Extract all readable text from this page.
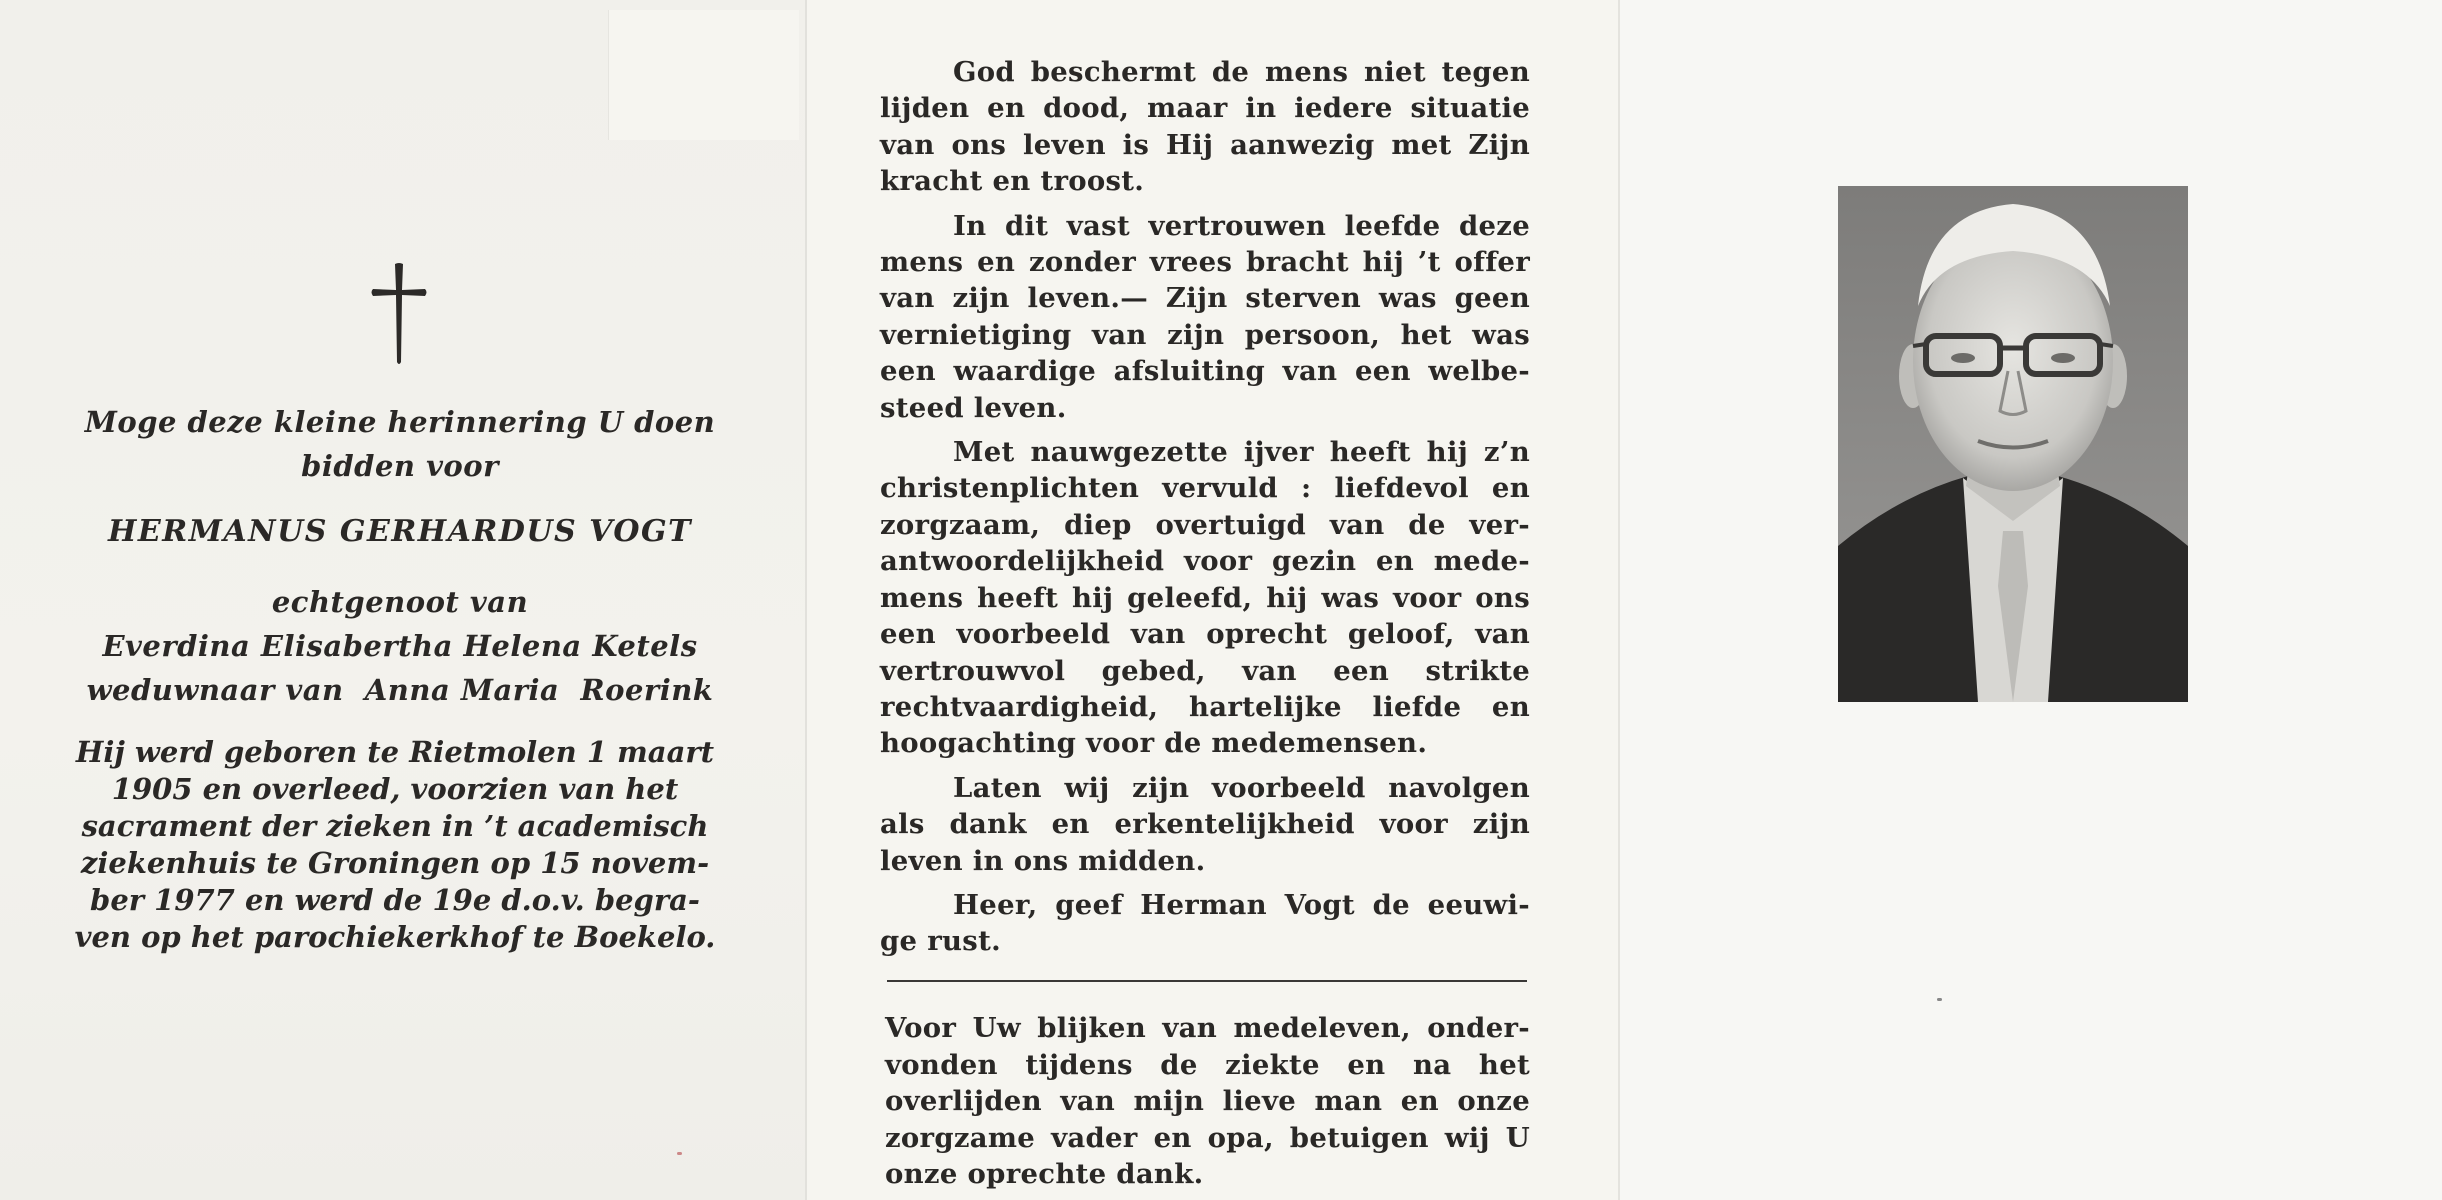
Moge deze kleine herinnering U doen
bidden voor
HERMANUS GERHARDUS VOGT
echtgenoot van
Everdina Elisabertha Helena Ketels
weduwnaar van  Anna Maria  Roerink
Hij werd geboren te Rietmolen 1 maart
1905 en overleed, voorzien van het
sacrament der zieken in ’t academisch
ziekenhuis te Groningen op 15 novem-
ber 1977 en werd de 19e d.o.v. begra-
ven op het parochiekerkhof te Boekelo.

God beschermt de mens niet tegen lijden en dood, maar in iedere situatie van ons leven is Hij aanwezig met Zijn kracht en troost.

In dit vast vertrouwen leefde deze mens en zonder vrees bracht hij ’t offer van zijn leven.— Zijn sterven was geen vernietiging van zijn persoon, het was een waardige afsluiting van een welbe- steed leven.

Met nauwgezette ijver heeft hij z’n christenplichten vervuld : liefdevol en zorgzaam, diep overtuigd van de ver- antwoordelijkheid voor gezin en mede- mens heeft hij geleefd, hij was voor ons een voorbeeld van oprecht geloof, van vertrouwvol gebed, van een strikte rechtvaardigheid, hartelijke liefde en hoogachting voor de medemensen.

Laten wij zijn voorbeeld navolgen als dank en erkentelijkheid voor zijn leven in ons midden.

Heer, geef Herman Vogt de eeuwi- ge rust.

Voor Uw blijken van medeleven, onder- vonden tijdens de ziekte en na het overlijden van mijn lieve man en onze zorgzame vader en opa, betuigen wij U onze oprechte dank.
